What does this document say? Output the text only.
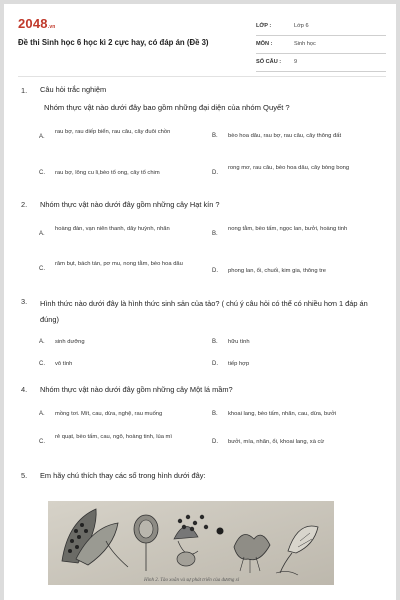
2048.vn
Đề thi Sinh học 6 học kì 2 cực hay, có đáp án (Đề 3)
LỚP :	Lớp 6
MÔN :	Sinh học
SỐ CÂU : 9
1. Câu hỏi trắc nghiệm
Nhóm thực vật nào dưới đây bao gồm những đại diện của nhóm Quyết ?
A.
rau bợ, rau diếp biển, rau câu, cây đuôi chồn
B. bèo hoa dâu, rau bợ, rau câu, cây thông đất
C. rau bợ, lông cu li,bèo tổ ong, cây tổ chim	D.
rong mơ, rau câu, bèo hoa dâu, cây bòng bong
2. Nhóm thực vật nào dưới đây gồm những cây Hạt kín ?
A.
hoàng đàn, vạn niên thanh, dây huỳnh, nhãn
B.
nong tằm, bèo tấm, ngọc lan, bưởi, hoàng tinh
C.
râm bụt, bách tán, pơ mu, nong tằm, bèo hoa dâu
D. phong lan, ổi, chuối, kim gia, thông tre
3. Hình thức nào dưới đây là hình thức sinh sản của tảo? ( chú ý câu hỏi có thể có nhiều hơn 1 đáp án đúng)
A. sinh dưỡng	B. hữu tính
C. vô tính	D. tiếp hợp
4. Nhóm thực vật nào dưới đây gồm những cây Một lá mầm?
A. mồng tơi. Mít, cau, dừa, nghệ, rau muống	B. khoai lang, bèo tấm, nhãn, cau, dừa, bưởi
C.
rẻ quạt, bèo tấm, cau, ngô, hoàng tinh, lúa mì
D. bưởi, mía, nhãn, ổi, khoai lang, xà cừ
5. Em hãy chú thích thay các số trong hình dưới đây:
Hình 2. Tảo xoắn và sự phát triển của dương xỉ
